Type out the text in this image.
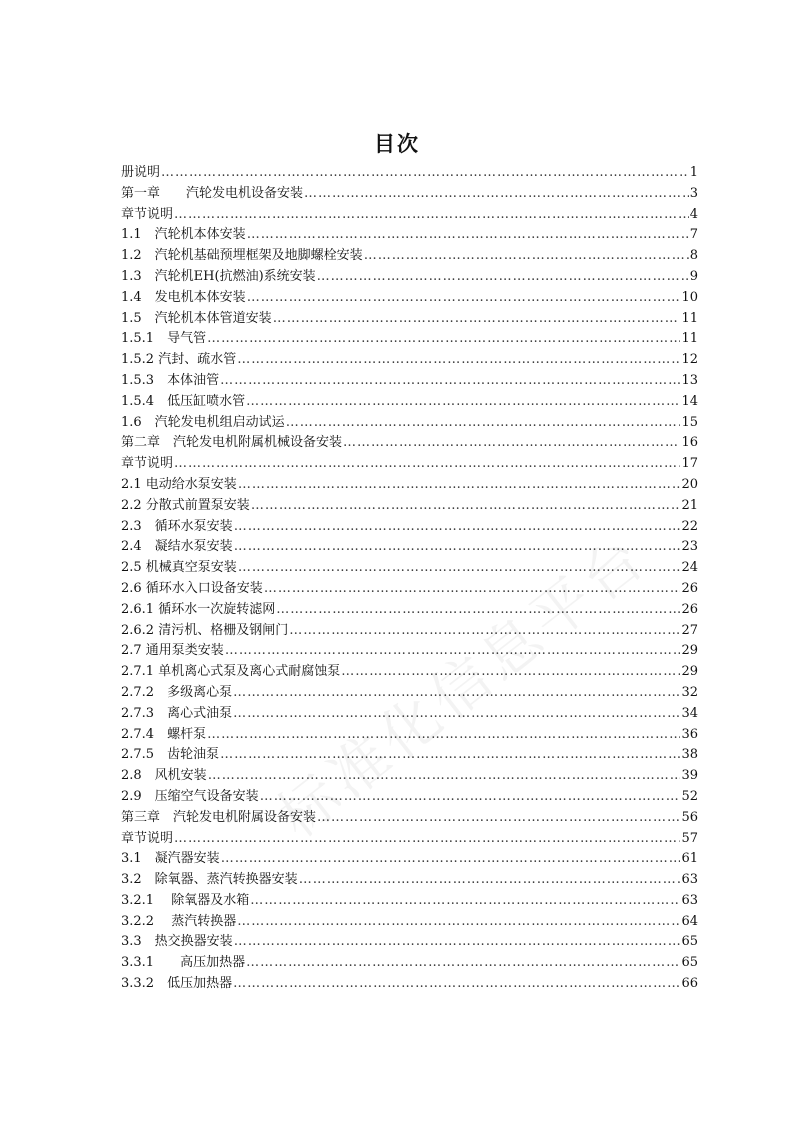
目次
册说明 …………………………………………………………………………………………………………………………………………………………………………	1
第一章　　汽轮发电机设备安装 …………………………………………………………………………………………………………………………………………………………………………	3
章节说明 …………………………………………………………………………………………………………………………………………………………………………	4
1.1　汽轮机本体安装 …………………………………………………………………………………………………………………………………………………………………………	7
1.2　汽轮机基础预埋框架及地脚螺栓安装 …………………………………………………………………………………………………………………………………………………………………………	8
1.3　汽轮机EH(抗燃油)系统安装 …………………………………………………………………………………………………………………………………………………………………………	9
1.4　发电机本体安装 …………………………………………………………………………………………………………………………………………………………………………	10
1.5　汽轮机本体管道安装 …………………………………………………………………………………………………………………………………………………………………………	11
1.5.1　导气管 …………………………………………………………………………………………………………………………………………………………………………	11
1.5.2 汽封、疏水管 …………………………………………………………………………………………………………………………………………………………………………	12
1.5.3　本体油管 …………………………………………………………………………………………………………………………………………………………………………	13
1.5.4　低压缸喷水管 …………………………………………………………………………………………………………………………………………………………………………	14
1.6　汽轮发电机组启动试运 …………………………………………………………………………………………………………………………………………………………………………	15
第二章　汽轮发电机附属机械设备安装 …………………………………………………………………………………………………………………………………………………………………………	16
章节说明 …………………………………………………………………………………………………………………………………………………………………………	17
2.1 电动给水泵安装 …………………………………………………………………………………………………………………………………………………………………………	20
2.2 分散式前置泵安装 …………………………………………………………………………………………………………………………………………………………………………	21
2.3　循环水泵安装 …………………………………………………………………………………………………………………………………………………………………………	22
2.4　凝结水泵安装 …………………………………………………………………………………………………………………………………………………………………………	23
2.5 机械真空泵安装 …………………………………………………………………………………………………………………………………………………………………………	24
2.6 循环水入口设备安装 …………………………………………………………………………………………………………………………………………………………………………	26
2.6.1 循环水一次旋转滤网 …………………………………………………………………………………………………………………………………………………………………………	26
2.6.2 清污机、格栅及钢闸门 …………………………………………………………………………………………………………………………………………………………………………	27
2.7 通用泵类安装 …………………………………………………………………………………………………………………………………………………………………………	29
2.7.1 单机离心式泵及离心式耐腐蚀泵 …………………………………………………………………………………………………………………………………………………………………………	29
2.7.2　多级离心泵 …………………………………………………………………………………………………………………………………………………………………………	32
2.7.3　离心式油泵 …………………………………………………………………………………………………………………………………………………………………………	34
2.7.4　螺杆泵 …………………………………………………………………………………………………………………………………………………………………………	36
2.7.5　齿轮油泵 …………………………………………………………………………………………………………………………………………………………………………	38
2.8　风机安装 …………………………………………………………………………………………………………………………………………………………………………	39
2.9　压缩空气设备安装 …………………………………………………………………………………………………………………………………………………………………………	52
第三章　汽轮发电机附属设备安装 …………………………………………………………………………………………………………………………………………………………………………	56
章节说明 …………………………………………………………………………………………………………………………………………………………………………	57
3.1　凝汽器安装 …………………………………………………………………………………………………………………………………………………………………………	61
3.2　除氧器、蒸汽转换器安装 …………………………………………………………………………………………………………………………………………………………………………	63
3.2.1　 除氧器及水箱 …………………………………………………………………………………………………………………………………………………………………………	63
3.2.2　 蒸汽转换器 …………………………………………………………………………………………………………………………………………………………………………	64
3.3　热交换器安装 …………………………………………………………………………………………………………………………………………………………………………	65
3.3.1　　高压加热器 …………………………………………………………………………………………………………………………………………………………………………	65
3.3.2　低压加热器 …………………………………………………………………………………………………………………………………………………………………………	66
